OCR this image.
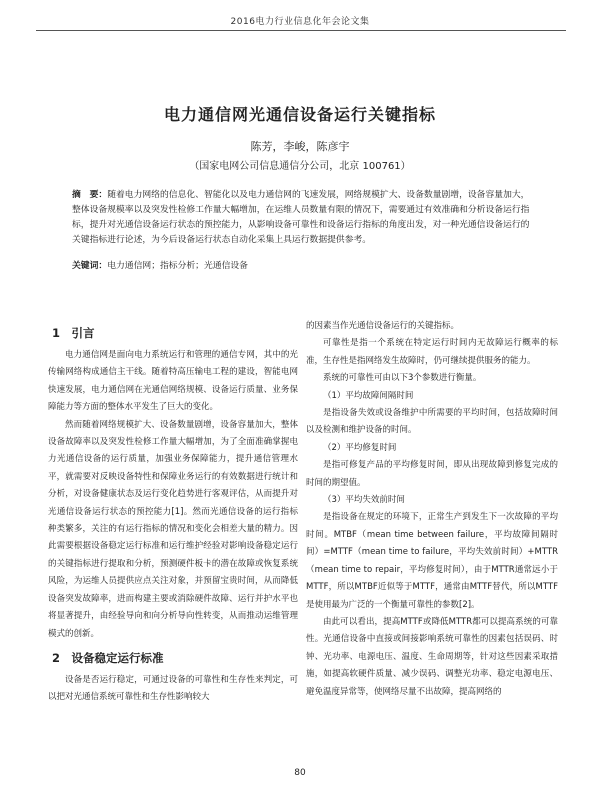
2016电力行业信息化年会论文集
电力通信网光通信设备运行关键指标
陈芳，李峻，陈彦宇
（国家电网公司信息通信分公司，北京 100761）
摘　要：随着电力网络的信息化、智能化以及电力通信网的飞速发展，网络规模扩大、设备数量剧增，设备容量加大，整体设备规模率以及突发性检修工作量大幅增加，在运维人员数量有限的情况下，需要通过有效准确和分析设备运行指标，提升对光通信设备运行状态的预控能力，从影响设备可靠性和设备运行指标的角度出发，对一种光通信设备运行的关键指标进行论述，为今后设备运行状态自动化采集上具运行数据提供参考。
关键词：电力通信网；指标分析；光通信设备
1　引言

电力通信网是面向电力系统运行和管理的通信专网，其中的光传输网络构成通信主干线。随着特高压输电工程的建设，智能电网快速发展，电力通信网在光通信网络规模、设备运行质量、业务保障能力等方面的整体水平发生了巨大的变化。

然而随着网络规模扩大、设备数量剧增，设备容量加大，整体设备故障率以及突发性检修工作量大幅增加，为了全面准确掌握电力光通信设备的运行质量，加强业务保障能力，提升通信管理水平，就需要对反映设备特性和保障业务运行的有效数据进行统计和分析，对设备健康状态及运行变化趋势进行客观评估，从而提升对光通信设备运行状态的预控能力[1]。然而光通信设备的运行指标种类繁多，关注的有运行指标的情况和变化会相差大量的精力。因此需要根据设备稳定运行标准和运行维护经验对影响设备稳定运行的关键指标进行提取和分析，预测硬件板卡的潜在故障或恢复系统风险，为运维人员提供应点关注对象，并预留宝贵时间，从而降低设备突发故障率，进而构建主要或消除硬件故障、运行并护水平也将显著提升，由经验导向和向分析导向性转变，从而推动运维管理模式的创新。

2　设备稳定运行标准

设备是否运行稳定，可通过设备的可靠性和生存性来判定，可以把对光通信系统可靠性和生存性影响较大

的因素当作光通信设备运行的关键指标。

可靠性是指一个系统在特定运行时间内无故障运行概率的标准，生存性是指网络发生故障时，仍可继续提供服务的能力。

系统的可靠性可由以下3个参数进行衡量。

（1）平均故障间隔时间

是指设备失效或设备维护中所需要的平均时间，包括故障时间以及检测和维护设备的时间。

（2）平均修复时间

是指可修复产品的平均修复时间，即从出现故障到修复完成的时间的期望值。

（3）平均失效前时间

是指设备在规定的环境下，正常生产到发生下一次故障的平均时间。MTBF（mean time between failure，平均故障间隔时间）=MTTF（mean time to failure，平均失效前时间）+MTTR（mean time to repair，平均修复时间），由于MTTR通常远小于MTTF，所以MTBF近似等于MTTF，通常由MTTF替代，所以MTTF是使用最为广泛的一个衡量可靠性的参数[2]。

由此可以看出，提高MTTF或降低MTTR都可以提高系统的可靠性。光通信设备中直接或间接影响系统可靠性的因素包括误码、时钟、光功率、电源电压、温度、生命周期等，针对这些因素采取措施，如提高软硬件质量、减少误码、调整光功率、稳定电源电压、避免温度异常等，使网络尽量不出故障，提高网络的

80
